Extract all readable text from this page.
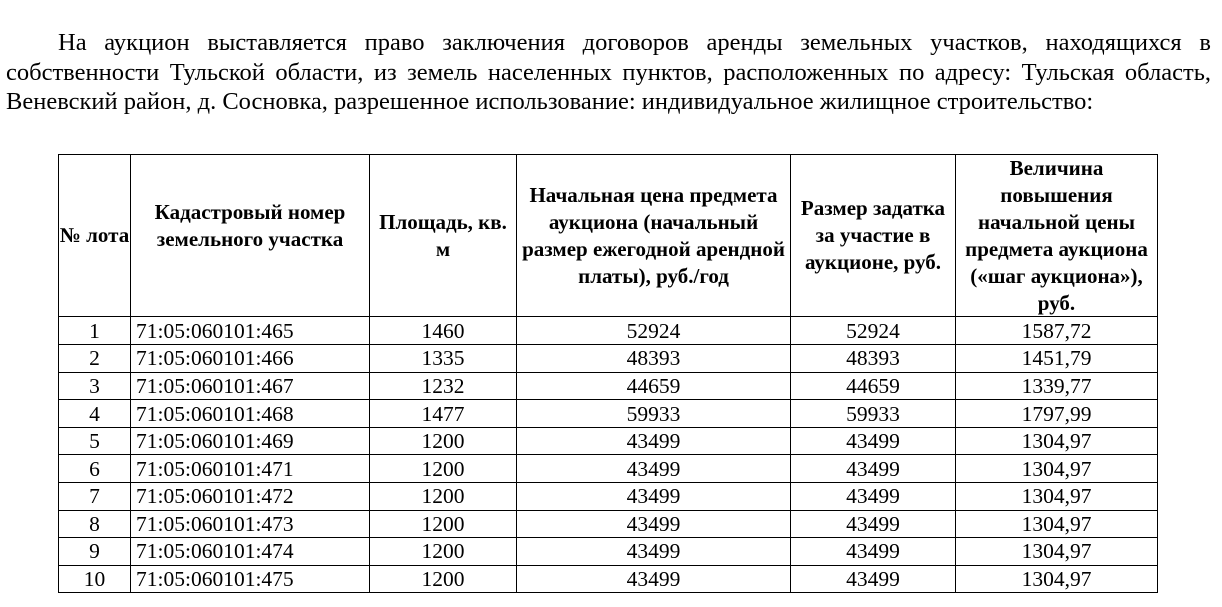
На аукцион выставляется право заключения договоров аренды земельных участков, находящихся в собственности Тульской области, из земель населенных пунктов, расположенных по адресу: Тульская область, Веневский район, д. Сосновка, разрешенное использование: индивидуальное жилищное строительство:

№ лота	Кадастровый номер земельного участка	Площадь, кв. м	Начальная цена предмета аукциона (начальный размер ежегодной арендной платы), руб./год	Размер задатка за участие в аукционе, руб.	Величина повышения начальной цены предмета аукциона («шаг аукциона»), руб.
1	71:05:060101:465	1460	52924	52924	1587,72
2	71:05:060101:466	1335	48393	48393	1451,79
3	71:05:060101:467	1232	44659	44659	1339,77
4	71:05:060101:468	1477	59933	59933	1797,99
5	71:05:060101:469	1200	43499	43499	1304,97
6	71:05:060101:471	1200	43499	43499	1304,97
7	71:05:060101:472	1200	43499	43499	1304,97
8	71:05:060101:473	1200	43499	43499	1304,97
9	71:05:060101:474	1200	43499	43499	1304,97
10	71:05:060101:475	1200	43499	43499	1304,97
